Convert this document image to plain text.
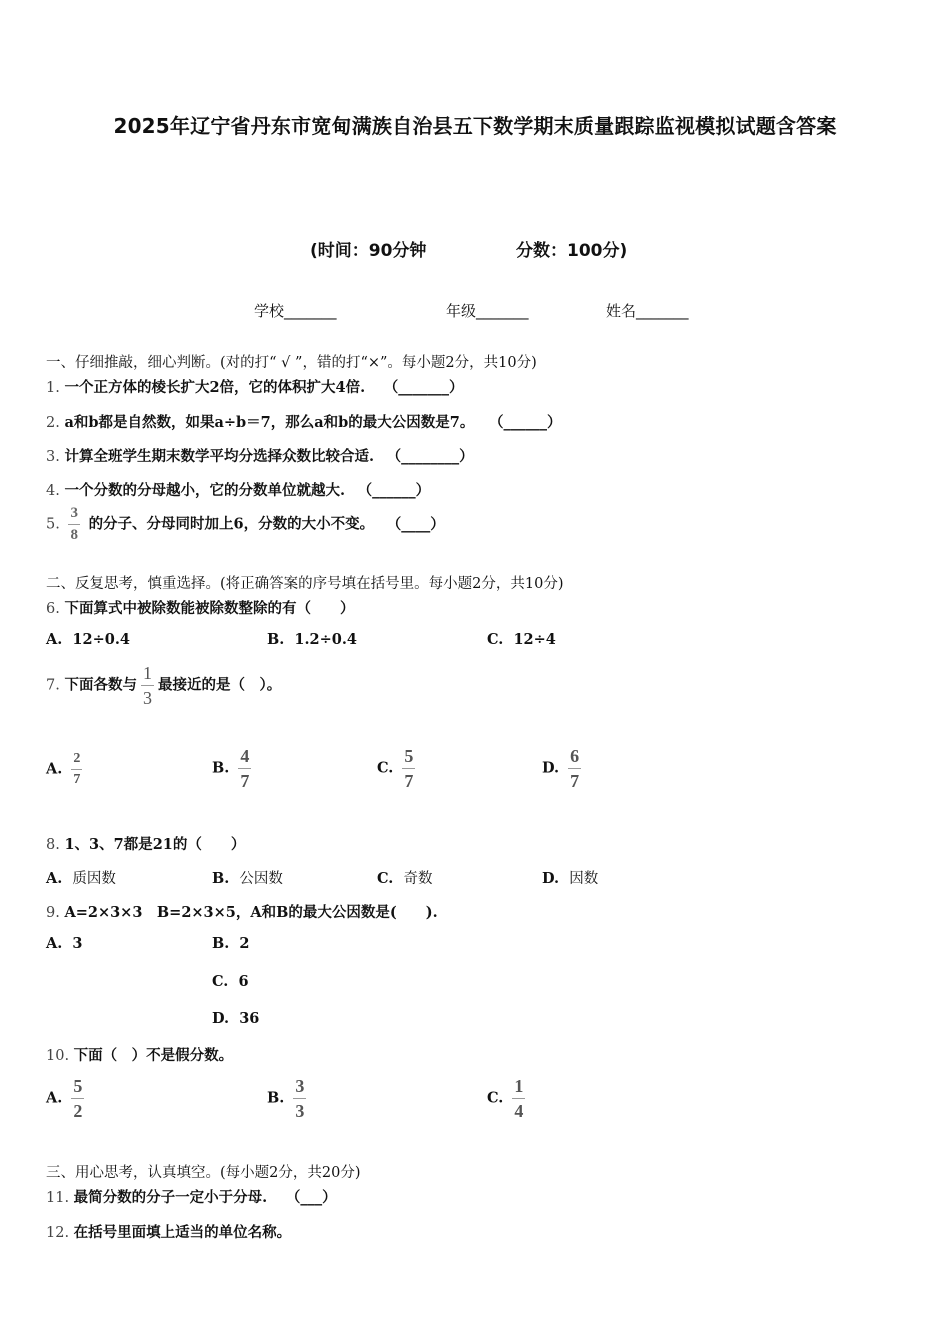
2025年辽宁省丹东市宽甸满族自治县五下数学期末质量跟踪监视模拟试题含答案
(时间：90分钟	分数：100分)
学校_______	年级_______	姓名_______
一、仔细推敲，细心判断。(对的打“ √ ”，错的打“×”。每小题2分，共10分)
1. 一个正方体的棱长扩大2倍，它的体积扩大4倍. （_______）
2. a和b都是自然数，如果a÷b＝7，那么a和b的最大公因数是7。 （______）
3. 计算全班学生期末数学平均分选择众数比较合适. （________）
4. 一个分数的分母越小，它的分数单位就越大. （______）
5. $\frac{3}{8}$ 的分子、分母同时加上6，分数的大小不变。 （____）
二、反复思考，慎重选择。(将正确答案的序号填在括号里。每小题2分，共10分)
6. 下面算式中被除数能被除数整除的有（　　）
A. 12÷0.4	B. 1.2÷0.4	C. 12÷4
7. 下面各数与 $\frac{1}{3}$ 最接近的是（　）。
A. $\frac{2}{7}$	B. $\frac{4}{7}$	C. $\frac{5}{7}$	D. $\frac{6}{7}$
8. 1、3、7都是21的（　　）
A. 质因数	B. 公因数	C. 奇数	D. 因数
9. A=2×3×3　B=2×3×5，A和B的最大公因数是(　　).
A. 3	B. 2
C. 6
D. 36
10. 下面（　）不是假分数。
A. $\frac{5}{2}$	B. $\frac{3}{3}$	C. $\frac{1}{4}$
三、用心思考，认真填空。(每小题2分，共20分)
11. 最简分数的分子一定小于分母. （___）
12. 在括号里面填上适当的单位名称。
